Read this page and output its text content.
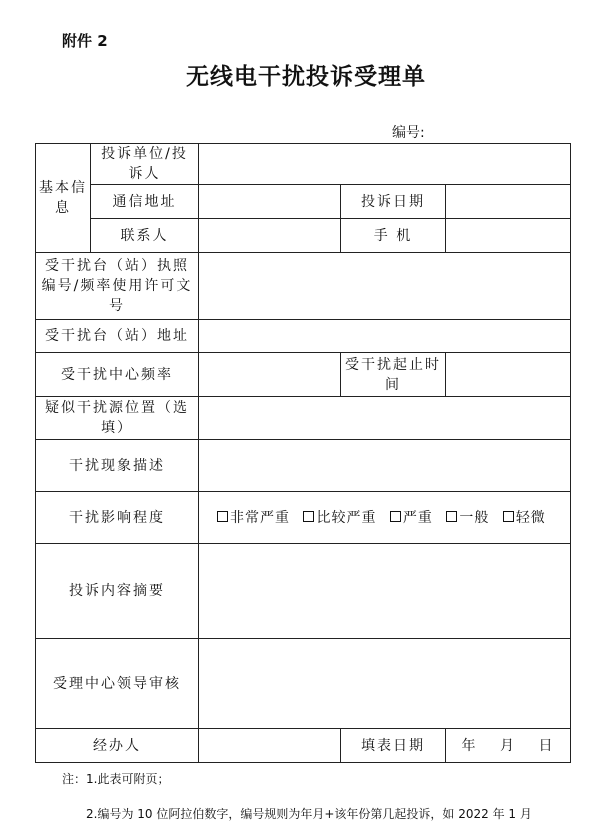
附件 2
无线电干扰投诉受理单
编号:
基本信息	投诉单位/投诉人			
	通信地址		投诉日期	
	联系人		手 机	
受干扰台（站）执照编号/频率使用许可文号				
受干扰台（站）地址				
受干扰中心频率			受干扰起止时间	
疑似干扰源位置（选填）				
干扰现象描述				
干扰影响程度		非常严重 比较严重 严重 一般 轻微		
投诉内容摘要				
受理中心领导审核				
经办人			填表日期	年　 月　 日
注：1.此表可附页；
2.编号为 10 位阿拉伯数字，编号规则为年月+该年份第几起投诉，如 2022 年 1 月
